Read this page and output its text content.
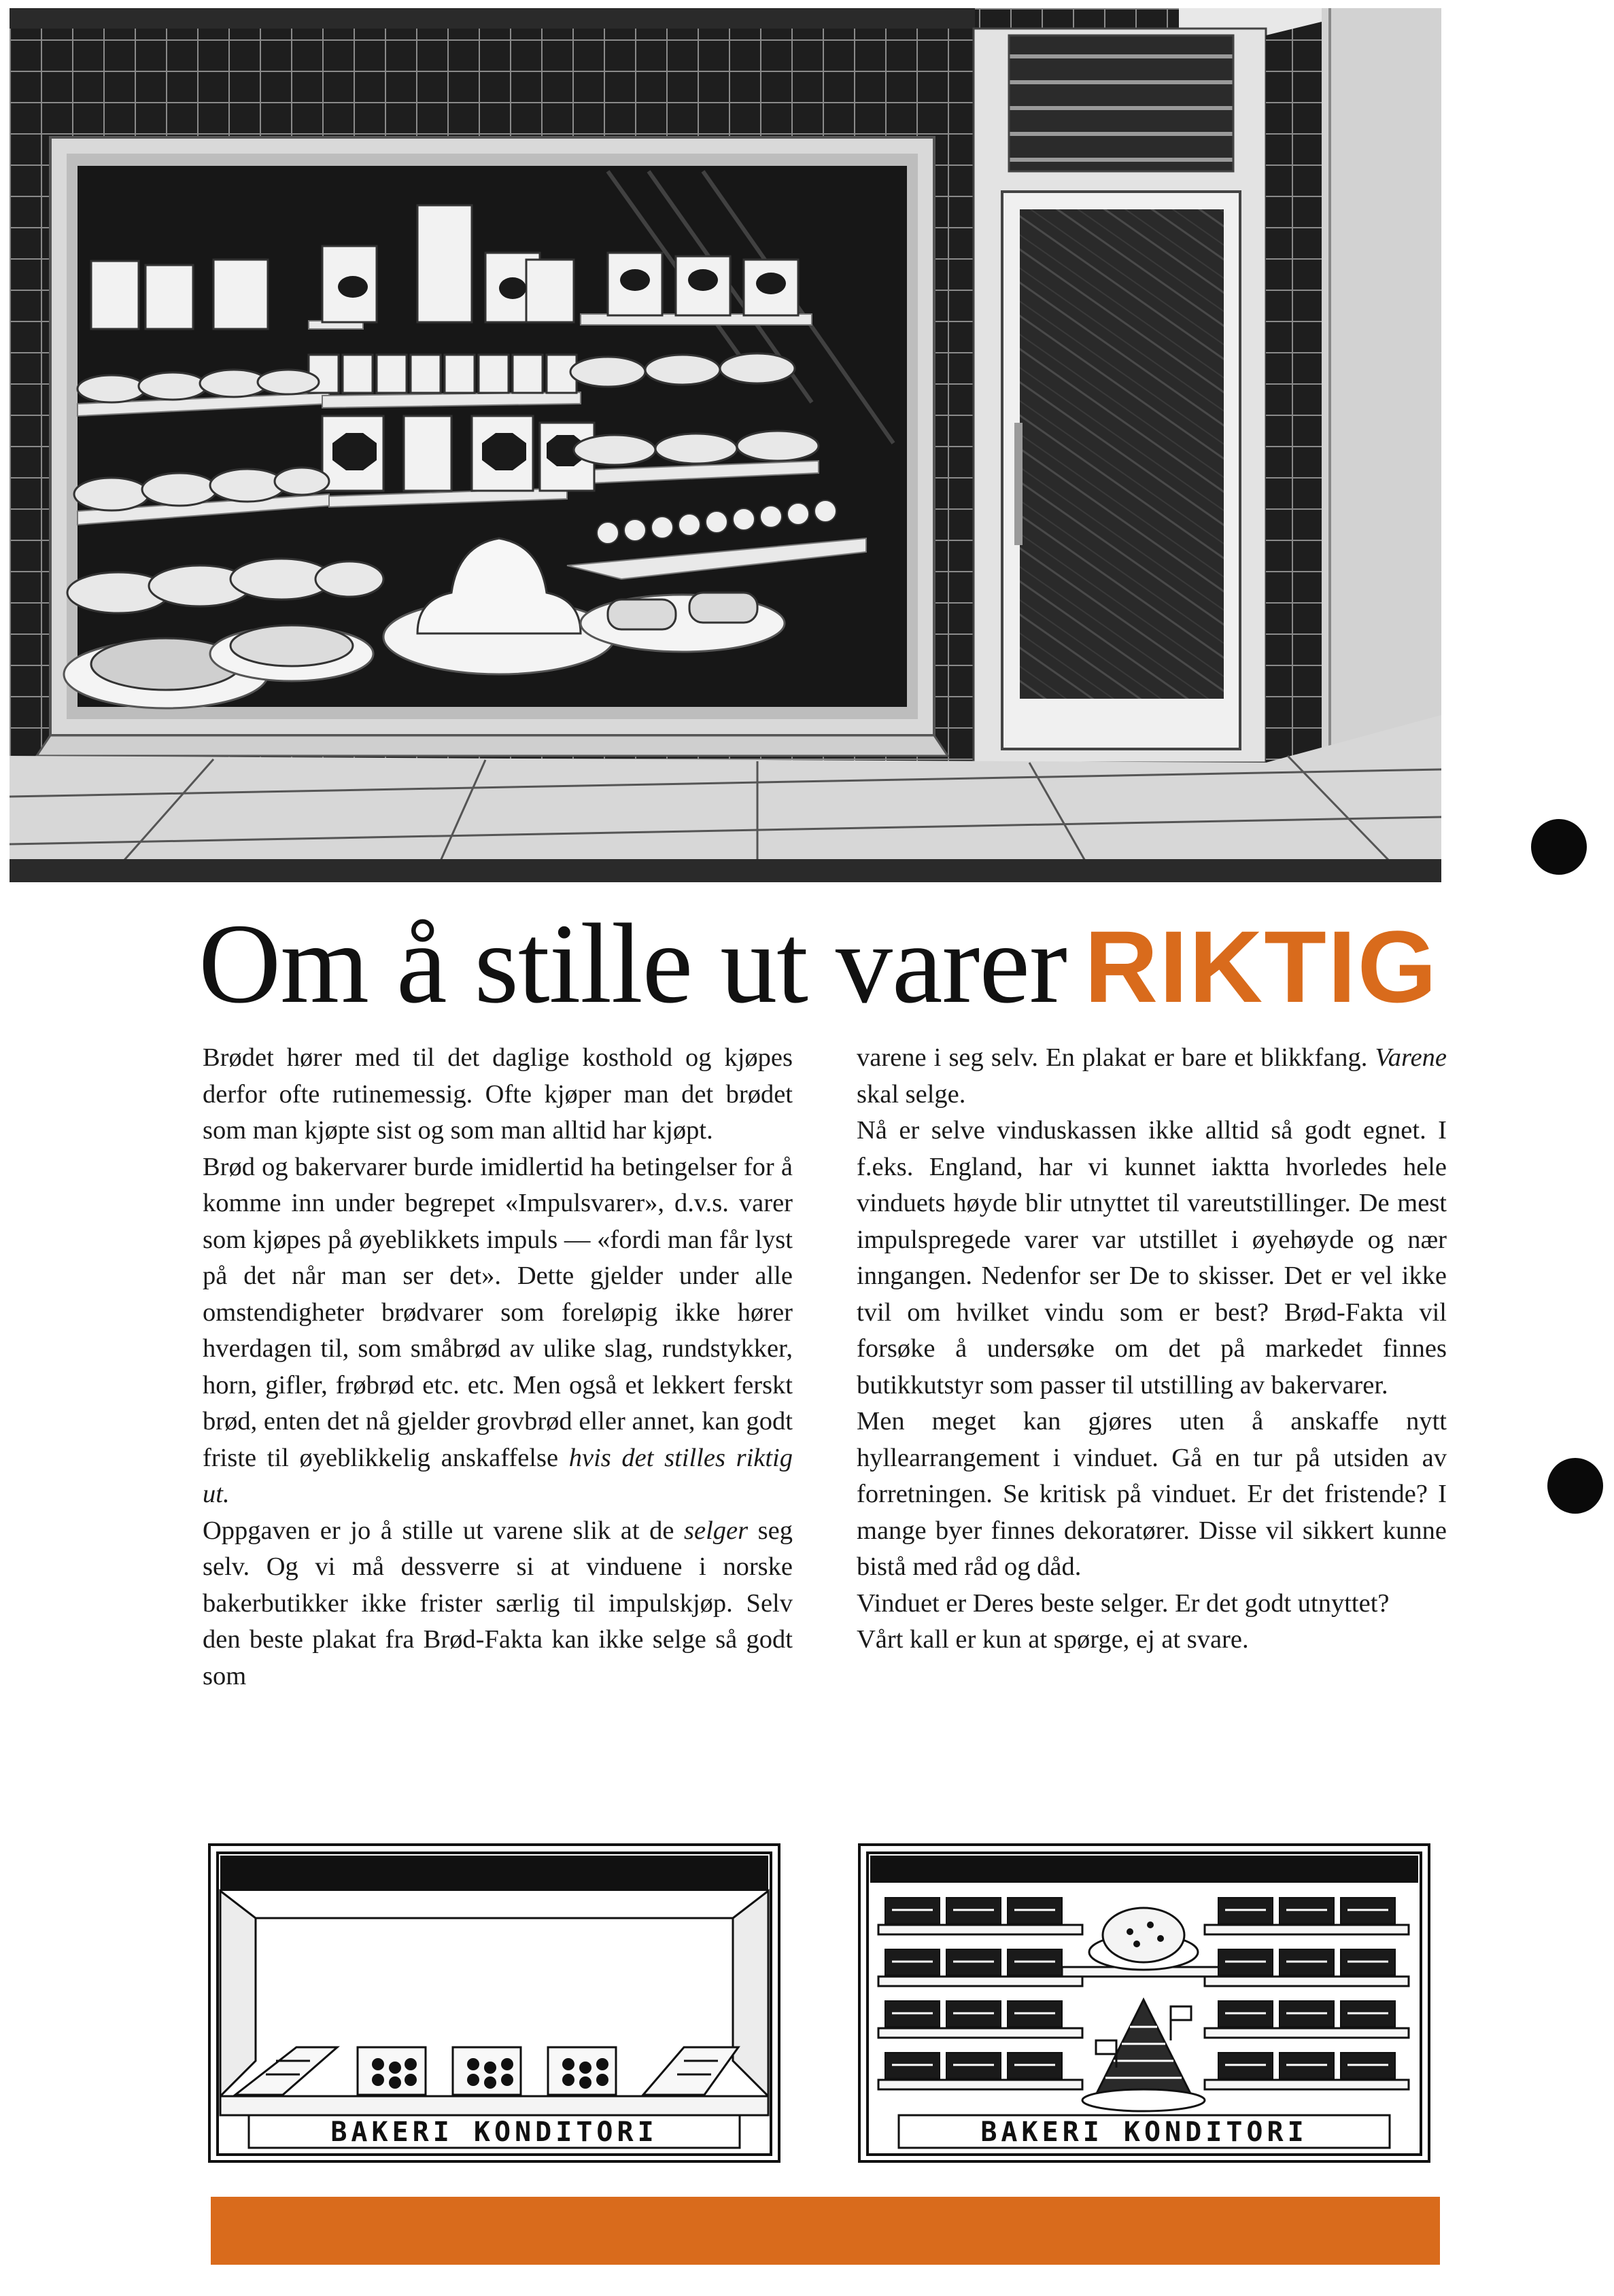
Om å stille ut varer RIKTIG

Brødet hører med til det daglige kosthold og kjøpes derfor ofte rutinemessig. Ofte kjøper man det brødet som man kjøpte sist og som man alltid har kjøpt.

Brød og bakervarer burde imidlertid ha betingelser for å komme inn under begrepet «Impulsvarer», d.v.s. varer som kjøpes på øyeblikkets impuls — «fordi man får lyst på det når man ser det». Dette gjelder under alle omstendigheter brødvarer som foreløpig ikke hører hverdagen til, som småbrød av ulike slag, rundstykker, horn, gifler, frøbrød etc. etc. Men også et lekkert ferskt brød, enten det nå gjelder grovbrød eller annet, kan godt friste til øyeblikkelig anskaffelse hvis det stilles riktig ut.

Oppgaven er jo å stille ut varene slik at de selger seg selv. Og vi må dessverre si at vinduene i norske bakerbutikker ikke frister særlig til impulskjøp. Selv den beste plakat fra Brød-Fakta kan ikke selge så godt som

varene i seg selv. En plakat er bare et blikkfang. Varene skal selge.

Nå er selve vinduskassen ikke alltid så godt egnet. I f.eks. England, har vi kunnet iaktta hvorledes hele vinduets høyde blir utnyttet til vareutstillinger. De mest impulspregede varer var utstillet i øyehøyde og nær inngangen. Nedenfor ser De to skisser. Det er vel ikke tvil om hvilket vindu som er best? Brød-Fakta vil forsøke å undersøke om det på markedet finnes butikkutstyr som passer til utstilling av bakervarer.

Men meget kan gjøres uten å anskaffe nytt hyllearrangement i vinduet. Gå en tur på utsiden av forretningen. Se kritisk på vinduet. Er det fristende? I mange byer finnes dekoratører. Disse vil sikkert kunne bistå med råd og dåd.

Vinduet er Deres beste selger. Er det godt utnyttet?

Vårt kall er kun at spørge, ej at svare.

BAKERI KONDITORI	BAKERI KONDITORI
